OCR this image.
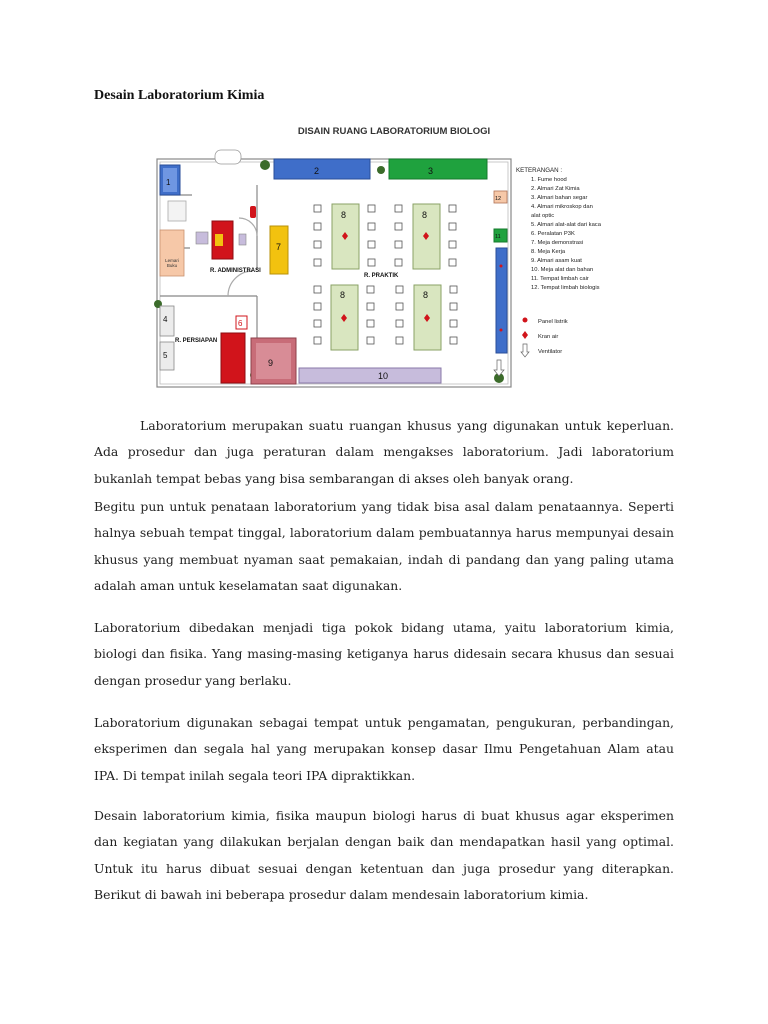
Desain Laboratorium Kimia
DISAIN RUANG LABORATORIUM BIOLOGI
1
2	3
Lemari
Buku
R. ADMINISTRASI
7
4
5
R. PERSIAPAN
6
9
10
12
11
8	8
8	8
R. PRAKTIK
KETERANGAN :
1. Fume hood
2. Almari Zat Kimia
3. Almari bahan segar
4. Almari mikroskop dan
alat optic
5. Almari alat-alat dari kaca
6. Peralatan P3K
7. Meja demonstrasi
8. Meja Kerja
9. Almari asam kuat
10. Meja alat dan bahan
11. Tempat limbah cair
12. Tempat limbah biologis
Panel listrik
Kran air
Ventilator
Laboratorium merupakan suatu ruangan khusus yang digunakan untuk keperluan. Ada prosedur dan juga peraturan dalam mengakses laboratorium. Jadi laboratorium bukanlah tempat bebas yang bisa sembarangan di akses oleh banyak orang.
Begitu pun untuk penataan laboratorium yang tidak bisa asal dalam penataannya. Seperti halnya sebuah tempat tinggal, laboratorium dalam pembuatannya harus mempunyai desain khusus yang membuat nyaman saat pemakaian, indah di pandang dan yang paling utama adalah aman untuk keselamatan saat digunakan.
Laboratorium dibedakan menjadi tiga pokok bidang utama, yaitu laboratorium kimia, biologi dan fisika. Yang masing-masing ketiganya harus didesain secara khusus dan sesuai dengan prosedur yang berlaku.
Laboratorium digunakan sebagai tempat untuk pengamatan, pengukuran, perbandingan, eksperimen dan segala hal yang merupakan konsep dasar Ilmu Pengetahuan Alam atau IPA. Di tempat inilah segala teori IPA dipraktikkan.
Desain laboratorium kimia, fisika maupun biologi harus di buat khusus agar eksperimen dan kegiatan yang dilakukan berjalan dengan baik dan mendapatkan hasil yang optimal. Untuk itu harus dibuat sesuai dengan ketentuan dan juga prosedur yang diterapkan. Berikut di bawah ini beberapa prosedur dalam mendesain laboratorium kimia.
